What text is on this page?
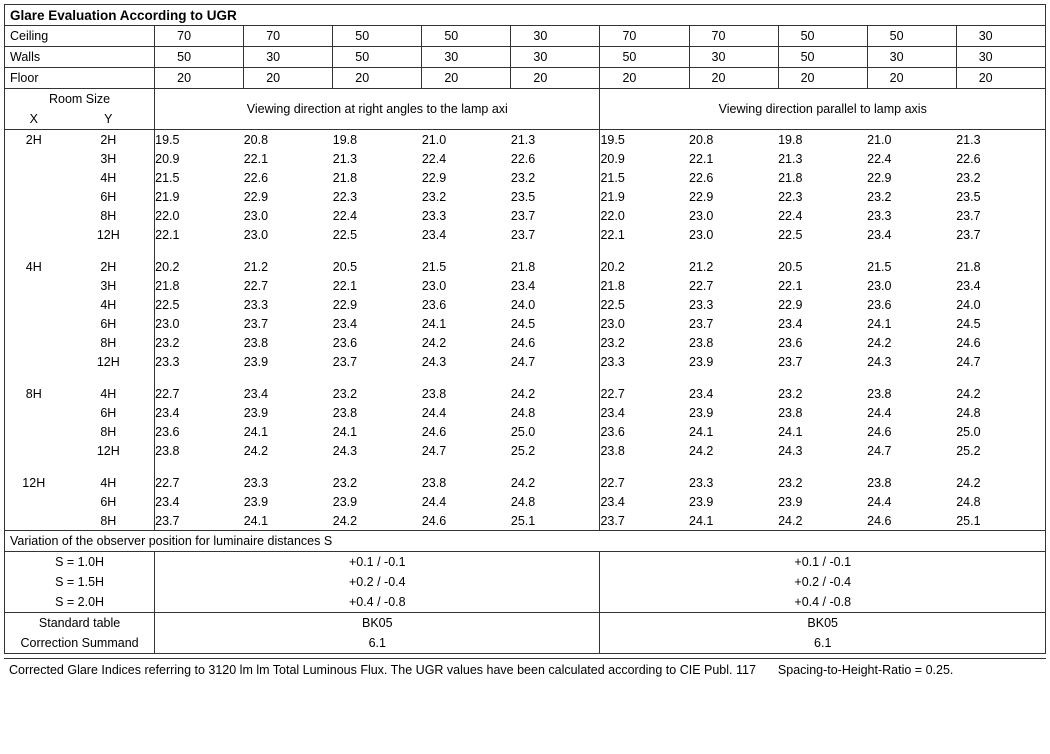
Glare Evaluation According to UGR											
Ceiling		70	70	50	50	30	70	70	50	50	30
Walls		50	30	50	30	30	50	30	50	30	30
Floor		20	20	20	20	20	20	20	20	20	20
Room Size		Viewing direction at right angles to the lamp axi					Viewing direction parallel to lamp axis				
X	Y										
2H	2H	19.5	20.8	19.8	21.0	21.3	19.5	20.8	19.8	21.0	21.3
	3H	20.9	22.1	21.3	22.4	22.6	20.9	22.1	21.3	22.4	22.6
	4H	21.5	22.6	21.8	22.9	23.2	21.5	22.6	21.8	22.9	23.2
	6H	21.9	22.9	22.3	23.2	23.5	21.9	22.9	22.3	23.2	23.5
	8H	22.0	23.0	22.4	23.3	23.7	22.0	23.0	22.4	23.3	23.7
	12H	22.1	23.0	22.5	23.4	23.7	22.1	23.0	22.5	23.4	23.7

4H	2H	20.2	21.2	20.5	21.5	21.8	20.2	21.2	20.5	21.5	21.8
	3H	21.8	22.7	22.1	23.0	23.4	21.8	22.7	22.1	23.0	23.4
	4H	22.5	23.3	22.9	23.6	24.0	22.5	23.3	22.9	23.6	24.0
	6H	23.0	23.7	23.4	24.1	24.5	23.0	23.7	23.4	24.1	24.5
	8H	23.2	23.8	23.6	24.2	24.6	23.2	23.8	23.6	24.2	24.6
	12H	23.3	23.9	23.7	24.3	24.7	23.3	23.9	23.7	24.3	24.7

8H	4H	22.7	23.4	23.2	23.8	24.2	22.7	23.4	23.2	23.8	24.2
	6H	23.4	23.9	23.8	24.4	24.8	23.4	23.9	23.8	24.4	24.8
	8H	23.6	24.1	24.1	24.6	25.0	23.6	24.1	24.1	24.6	25.0
	12H	23.8	24.2	24.3	24.7	25.2	23.8	24.2	24.3	24.7	25.2

12H	4H	22.7	23.3	23.2	23.8	24.2	22.7	23.3	23.2	23.8	24.2
	6H	23.4	23.9	23.9	24.4	24.8	23.4	23.9	23.9	24.4	24.8
	8H	23.7	24.1	24.2	24.6	25.1	23.7	24.1	24.2	24.6	25.1
Variation of the observer position for luminaire distances S											
S = 1.0H		+0.1 / -0.1					+0.1 / -0.1				
S = 1.5H		+0.2 / -0.4					+0.2 / -0.4				
S = 2.0H		+0.4 / -0.8					+0.4 / -0.8				
Standard table		BK05					BK05				
Correction Summand		6.1					6.1				
Corrected Glare Indices referring to 3120 lm lm Total Luminous Flux. The UGR values have been calculated according to CIE Publ. 117 Spacing-to-Height-Ratio = 0.25.
